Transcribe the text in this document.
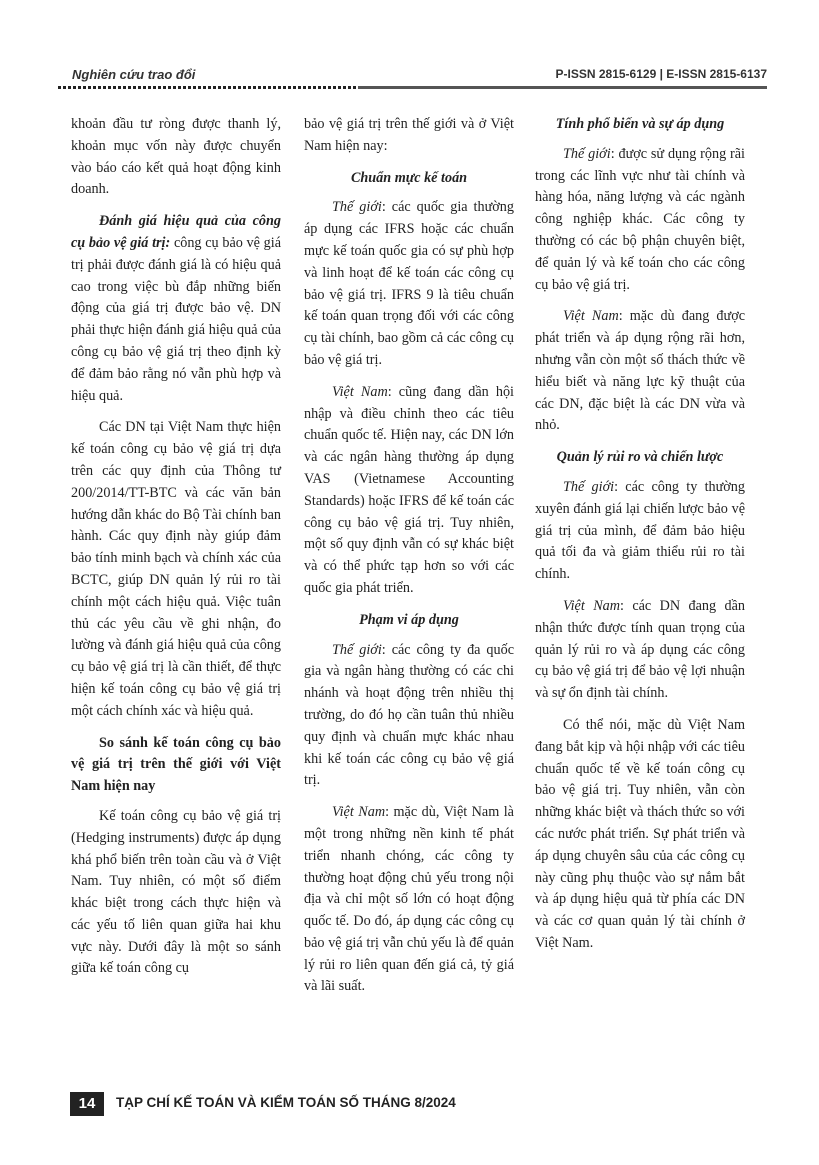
Nghiên cứu trao đổi	P-ISSN 2815-6129 | E-ISSN 2815-6137

khoản đầu tư ròng được thanh lý, khoản mục vốn này được chuyển vào báo cáo kết quả hoạt động kinh doanh.

Đánh giá hiệu quả của công cụ bảo vệ giá trị: công cụ bảo vệ giá trị phải được đánh giá là có hiệu quả cao trong việc bù đắp những biến động của giá trị được bảo vệ. DN phải thực hiện đánh giá hiệu quả của công cụ bảo vệ giá trị theo định kỳ để đảm bảo rằng nó vẫn phù hợp và hiệu quả.

Các DN tại Việt Nam thực hiện kế toán công cụ bảo vệ giá trị dựa trên các quy định của Thông tư 200/2014/TT-BTC và các văn bản hướng dẫn khác do Bộ Tài chính ban hành. Các quy định này giúp đảm bảo tính minh bạch và chính xác của BCTC, giúp DN quản lý rủi ro tài chính một cách hiệu quả. Việc tuân thủ các yêu cầu về ghi nhận, đo lường và đánh giá hiệu quả của công cụ bảo vệ giá trị là cần thiết, để thực hiện kế toán công cụ bảo vệ giá trị một cách chính xác và hiệu quả.

So sánh kế toán công cụ bảo vệ giá trị trên thế giới với Việt Nam hiện nay

Kế toán công cụ bảo vệ giá trị (Hedging instruments) được áp dụng khá phổ biến trên toàn cầu và ở Việt Nam. Tuy nhiên, có một số điểm khác biệt trong cách thực hiện và các yếu tố liên quan giữa hai khu vực này. Dưới đây là một so sánh giữa kế toán công cụ

bảo vệ giá trị trên thế giới và ở Việt Nam hiện nay:

Chuẩn mực kế toán

Thế giới: các quốc gia thường áp dụng các IFRS hoặc các chuẩn mực kế toán quốc gia có sự phù hợp và linh hoạt để kế toán các công cụ bảo vệ giá trị. IFRS 9 là tiêu chuẩn kế toán quan trọng đối với các công cụ tài chính, bao gồm cả các công cụ bảo vệ giá trị.

Việt Nam: cũng đang dần hội nhập và điều chỉnh theo các tiêu chuẩn quốc tế. Hiện nay, các DN lớn và các ngân hàng thường áp dụng VAS (Vietnamese Accounting Standards) hoặc IFRS để kế toán các công cụ bảo vệ giá trị. Tuy nhiên, một số quy định vẫn có sự khác biệt và có thể phức tạp hơn so với các quốc gia phát triển.

Phạm vi áp dụng

Thế giới: các công ty đa quốc gia và ngân hàng thường có các chi nhánh và hoạt động trên nhiều thị trường, do đó họ cần tuân thủ nhiều quy định và chuẩn mực khác nhau khi kế toán các công cụ bảo vệ giá trị.

Việt Nam: mặc dù, Việt Nam là một trong những nền kinh tế phát triển nhanh chóng, các công ty thường hoạt động chủ yếu trong nội địa và chỉ một số lớn có hoạt động quốc tế. Do đó, áp dụng các công cụ bảo vệ giá trị vẫn chủ yếu là để quản lý rủi ro liên quan đến giá cả, tỷ giá và lãi suất.

Tính phổ biến và sự áp dụng

Thế giới: được sử dụng rộng rãi trong các lĩnh vực như tài chính và hàng hóa, năng lượng và các ngành công nghiệp khác. Các công ty thường có các bộ phận chuyên biệt, để quản lý và kế toán cho các công cụ bảo vệ giá trị.

Việt Nam: mặc dù đang được phát triển và áp dụng rộng rãi hơn, nhưng vẫn còn một số thách thức về hiểu biết và năng lực kỹ thuật của các DN, đặc biệt là các DN vừa và nhỏ.

Quản lý rủi ro và chiến lược

Thế giới: các công ty thường xuyên đánh giá lại chiến lược bảo vệ giá trị của mình, để đảm bảo hiệu quả tối đa và giảm thiểu rủi ro tài chính.

Việt Nam: các DN đang dần nhận thức được tính quan trọng của quản lý rủi ro và áp dụng các công cụ bảo vệ giá trị để bảo vệ lợi nhuận và sự ổn định tài chính.

Có thể nói, mặc dù Việt Nam đang bắt kịp và hội nhập với các tiêu chuẩn quốc tế về kế toán công cụ bảo vệ giá trị. Tuy nhiên, vẫn còn những khác biệt và thách thức so với các nước phát triển. Sự phát triển và áp dụng chuyên sâu của các công cụ này cũng phụ thuộc vào sự nắm bắt và áp dụng hiệu quả từ phía các DN và các cơ quan quản lý tài chính ở Việt Nam.

14	TẠP CHÍ KẾ TOÁN VÀ KIỂM TOÁN SỐ THÁNG 8/2024
